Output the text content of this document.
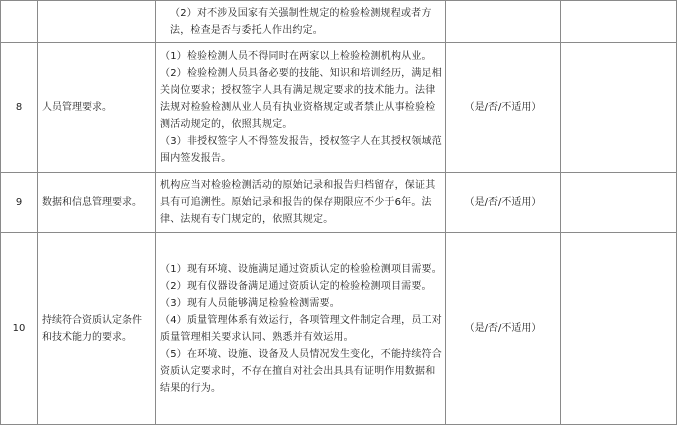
		（2）对不涉及国家有关强制性规定的检验检测规程或者方法，检查是否与委托人作出约定。		

8	人员管理要求。	（1）检验检测人员不得同时在两家以上检验检测机构从业。

（2）检验检测人员具备必要的技能、知识和培训经历，满足相关岗位要求；授权签字人具有满足规定要求的技术能力。法律法规对检验检测从业人员有执业资格规定或者禁止从事检验检测活动规定的，依照其规定。

（3）非授权签字人不得签发报告，授权签字人在其授权领域范围内签发报告。	（是/否/不适用）	
9	数据和信息管理要求。	机构应当对检验检测活动的原始记录和报告归档留存，保证其具有可追溯性。原始记录和报告的保存期限应不少于6年。法律、法规有专门规定的，依照其规定。	（是/否/不适用）	
10	持续符合资质认定条件和技术能力的要求。	（1）现有环境、设施满足通过资质认定的检验检测项目需要。

（2）现有仪器设备满足通过资质认定的检验检测项目需要。

（3）现有人员能够满足检验检测需要。

（4）质量管理体系有效运行，各项管理文件制定合理，员工对质量管理相关要求认同、熟悉并有效运用。

（5）在环境、设施、设备及人员情况发生变化，不能持续符合资质认定要求时，不存在擅自对社会出具具有证明作用数据和结果的行为。	（是/否/不适用）	
